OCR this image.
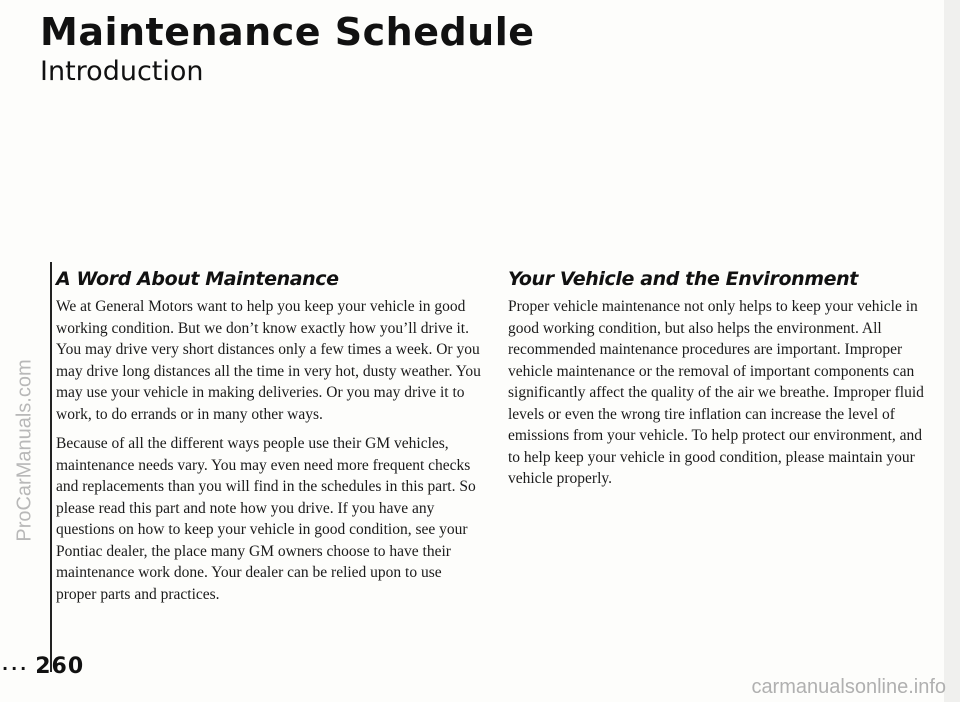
Maintenance Schedule
Introduction
ProCarManuals.com
A Word About Maintenance

We at General Motors want to help you keep your vehicle in good working condition. But we don’t know exactly how you’ll drive it. You may drive very short distances only a few times a week. Or you may drive long distances all the time in very hot, dusty weather. You may use your vehicle in making deliveries. Or you may drive it to work, to do errands or in many other ways.

Because of all the different ways people use their GM vehicles, maintenance needs vary. You may even need more frequent checks and replacements than you will find in the schedules in this part. So please read this part and note how you drive. If you have any questions on how to keep your vehicle in good condition, see your Pontiac dealer, the place many GM owners choose to have their maintenance work done. Your dealer can be relied upon to use proper parts and practices.

Your Vehicle and the Environment

Proper vehicle maintenance not only helps to keep your vehicle in good working condition, but also helps the environment. All recommended maintenance procedures are important. Improper vehicle maintenance or the removal of important components can significantly affect the quality of the air we breathe. Improper fluid levels or even the wrong tire inflation can increase the level of emissions from your vehicle. To help protect our environment, and to help keep your vehicle in good condition, please maintain your vehicle properly.

... 260
carmanualsonline.info
